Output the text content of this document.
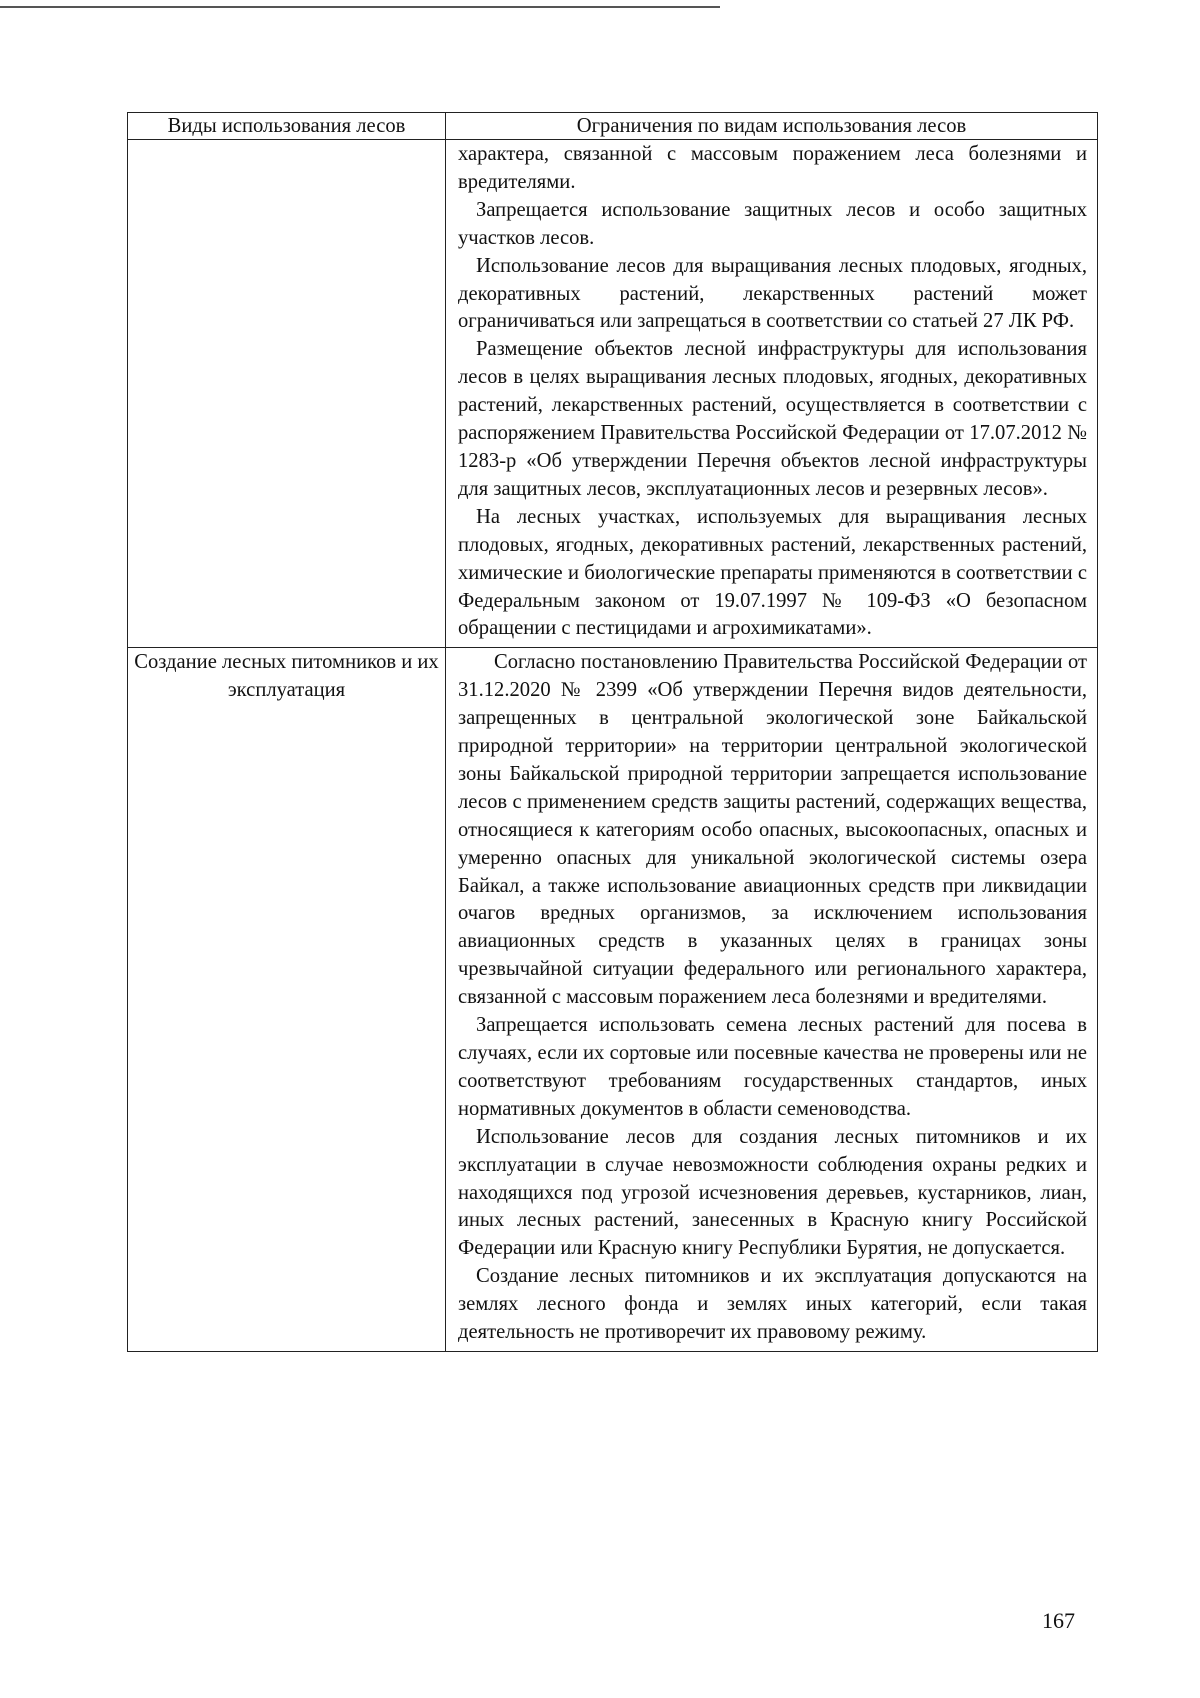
Виды использования лесов	Ограничения по видам использования лесов

	характера, связанной с массовым поражением леса болезнями и вредителями.

Запрещается использование защитных лесов и особо защитных участков лесов.

Использование лесов для выращивания лесных плодовых, ягодных, декоративных растений, лекарственных растений может ограничиваться или запрещаться в соответствии со статьей 27 ЛК РФ.

Размещение объектов лесной инфраструктуры для использования лесов в целях выращивания лесных плодовых, ягодных, декоративных растений, лекарственных растений, осуществляется в соответствии с распоряжением Правительства Российской Федерации от 17.07.2012 № 1283-р «Об утверждении Перечня объектов лесной инфраструктуры для защитных лесов, эксплуатационных лесов и резервных лесов».

На лесных участках, используемых для выращивания лесных плодовых, ягодных, декоративных растений, лекарственных растений, химические и биологические препараты применяются в соответствии с Федеральным законом от 19.07.1997 № 109-ФЗ «О безопасном обращении с пестицидами и агрохимикатами».

Создание лесных питомников и их эксплуатация	Согласно постановлению Правительства Российской Федерации от 31.12.2020 № 2399 «Об утверждении Перечня видов деятельности, запрещенных в центральной экологической зоне Байкальской природной территории» на территории центральной экологической зоны Байкальской природной территории запрещается использование лесов с применением средств защиты растений, содержащих вещества, относящиеся к категориям особо опасных, высокоопасных, опасных и умеренно опасных для уникальной экологической системы озера Байкал, а также использование авиационных средств при ликвидации очагов вредных организмов, за исключением использования авиационных средств в указанных целях в границах зоны чрезвычайной ситуации федерального или регионального характера, связанной с массовым поражением леса болезнями и вредителями.

Запрещается использовать семена лесных растений для посева в случаях, если их сортовые или посевные качества не проверены или не соответствуют требованиям государственных стандартов, иных нормативных документов в области семеноводства.

Использование лесов для создания лесных питомников и их эксплуатации в случае невозможности соблюдения охраны редких и находящихся под угрозой исчезновения деревьев, кустарников, лиан, иных лесных растений, занесенных в Красную книгу Российской Федерации или Красную книгу Республики Бурятия, не допускается.

Создание лесных питомников и их эксплуатация допускаются на землях лесного фонда и землях иных категорий, если такая деятельность не противоречит их правовому режиму.

167
